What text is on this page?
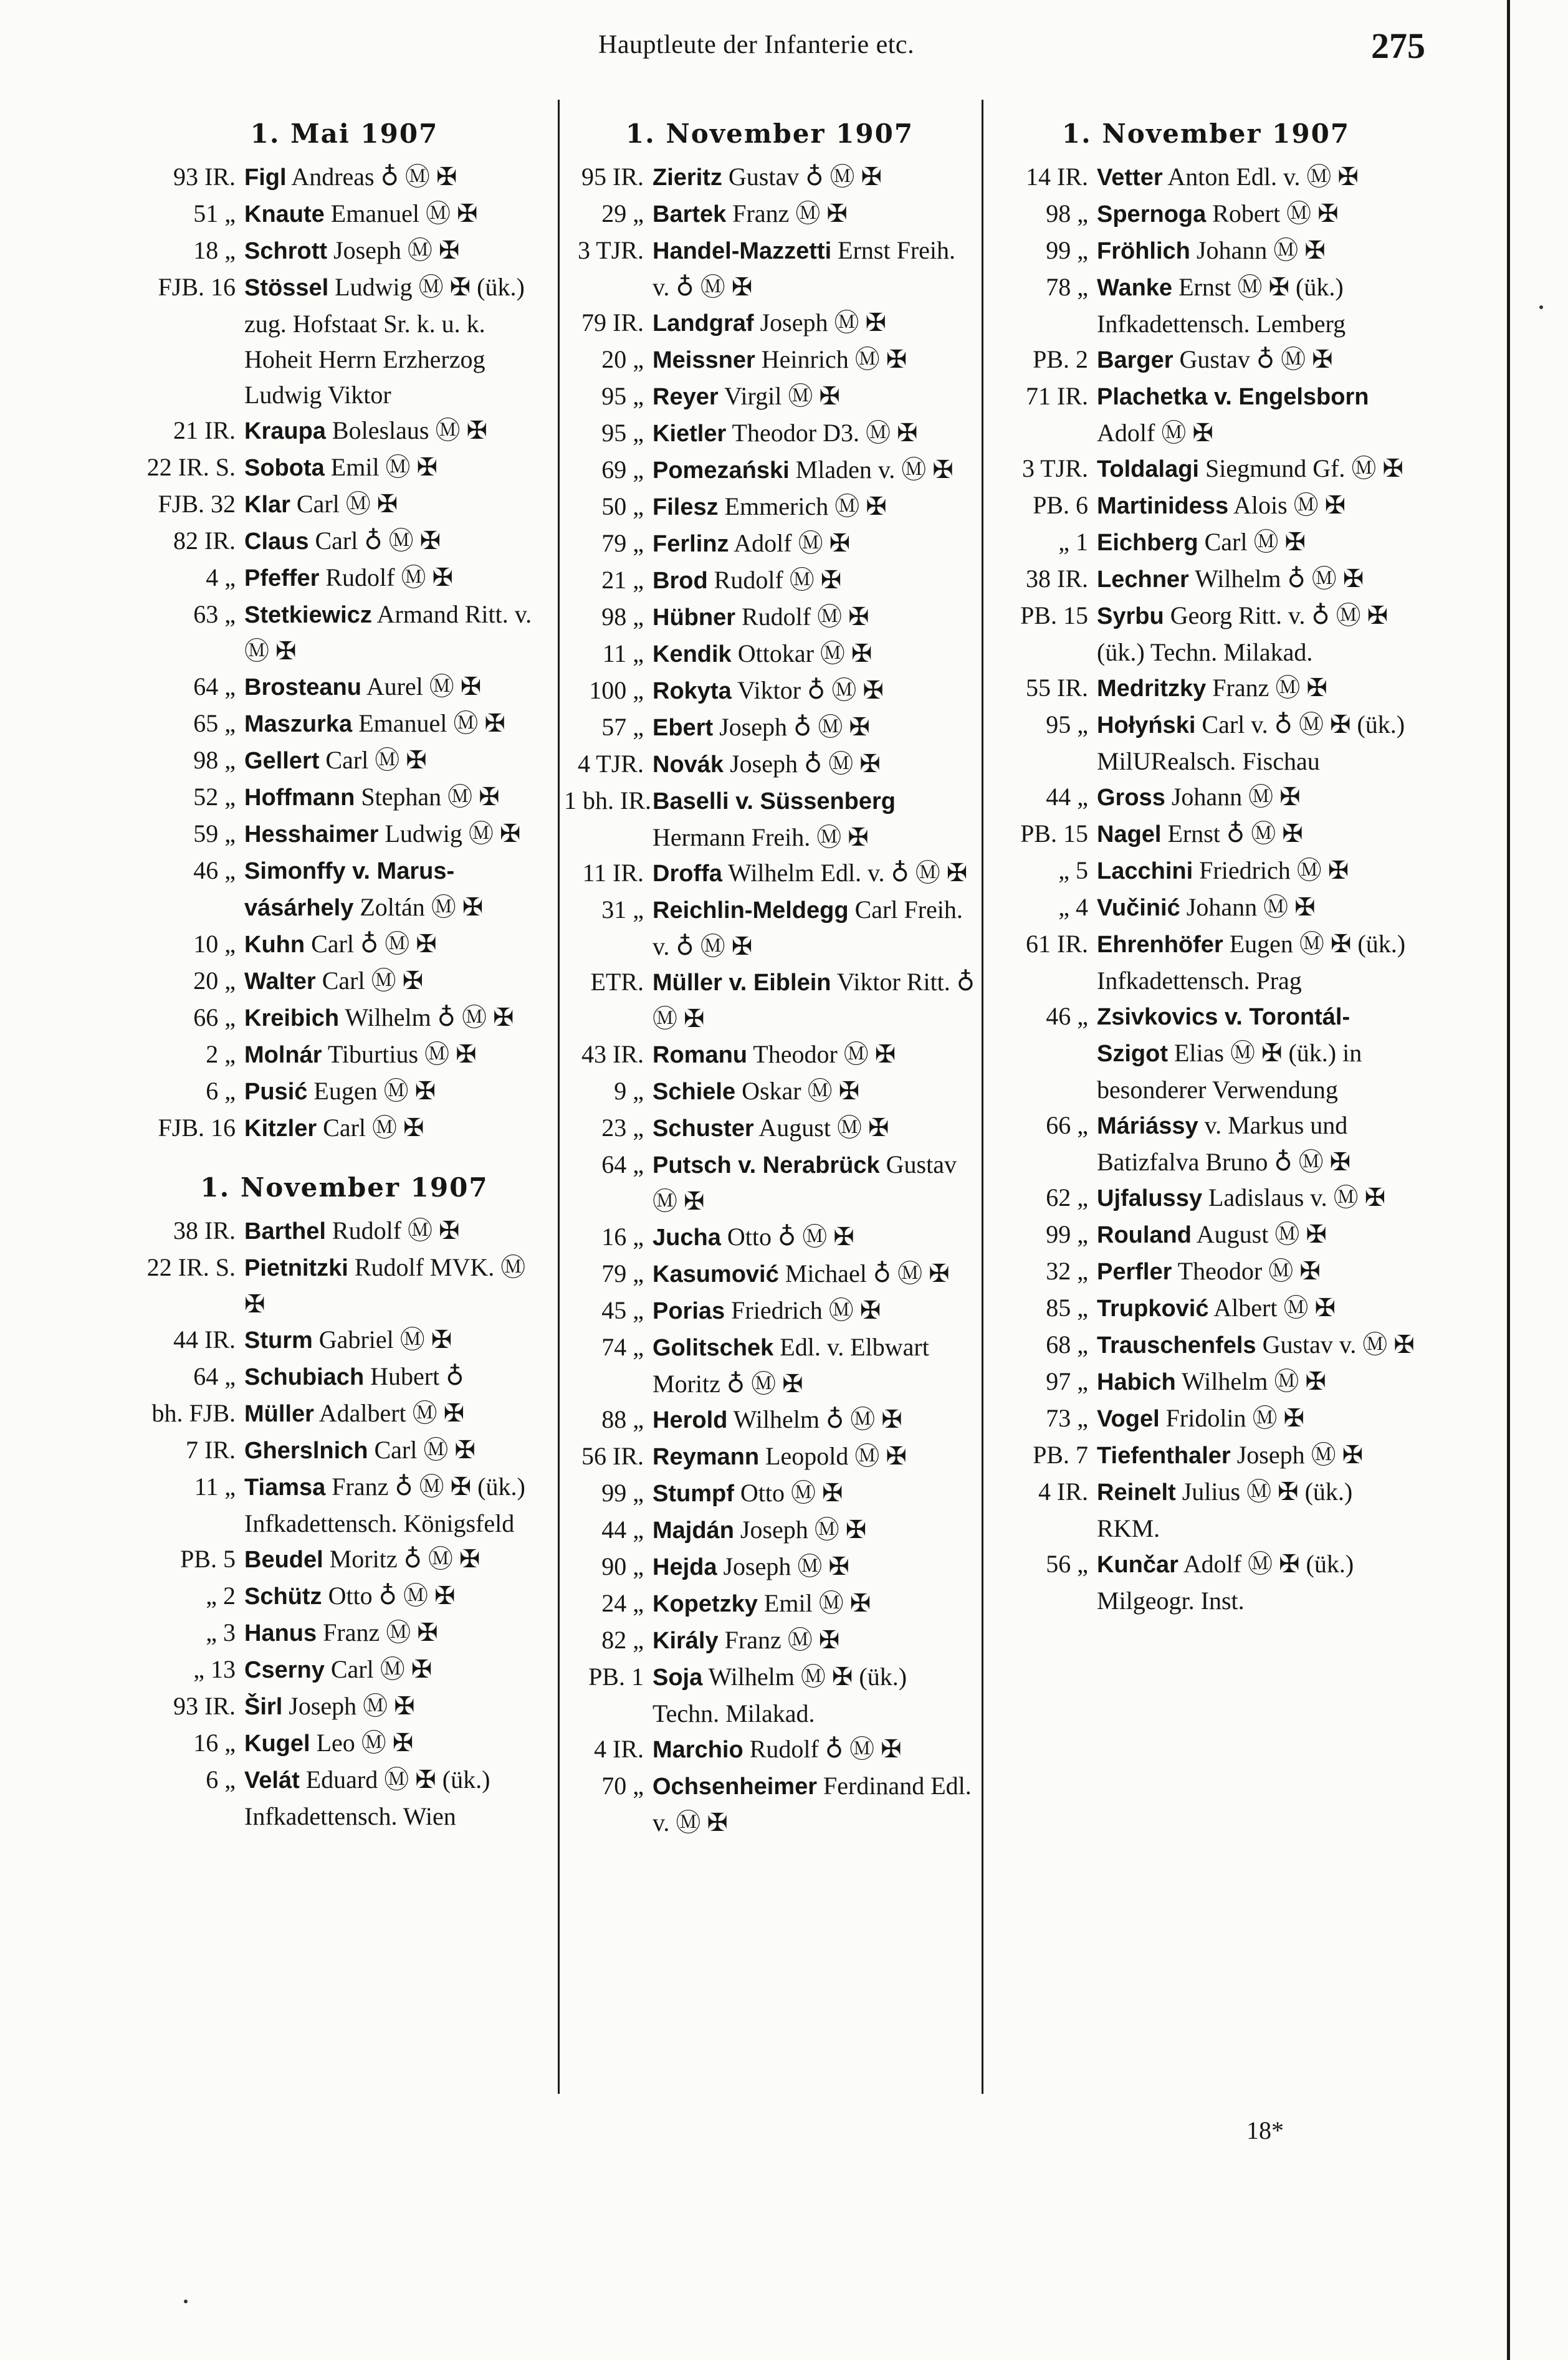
Hauptleute der Infanterie etc.	275
1. Mai 1907
93 IR. Figl Andreas ♁ Ⓜ ✠
51 „ Knaute Emanuel Ⓜ ✠
18 „ Schrott Joseph Ⓜ ✠
FJB. 16 Stössel Ludwig Ⓜ ✠ (ük.) zug. Hofstaat Sr. k. u. k. Hoheit Herrn Erzherzog Ludwig Viktor
21 IR. Kraupa Boleslaus Ⓜ ✠
22 IR. S. Sobota Emil Ⓜ ✠
FJB. 32 Klar Carl Ⓜ ✠
82 IR. Claus Carl ♁ Ⓜ ✠
4 „ Pfeffer Rudolf Ⓜ ✠
63 „ Stetkiewicz Armand Ritt. v. Ⓜ ✠
64 „ Brosteanu Aurel Ⓜ ✠
65 „ Maszurka Emanuel Ⓜ ✠
98 „ Gellert Carl Ⓜ ✠
52 „ Hoffmann Stephan Ⓜ ✠
59 „ Hesshaimer Ludwig Ⓜ ✠
46 „ Simonffy v. Marus-vásárhely Zoltán Ⓜ ✠
10 „ Kuhn Carl ♁ Ⓜ ✠
20 „ Walter Carl Ⓜ ✠
66 „ Kreibich Wilhelm ♁ Ⓜ ✠
2 „ Molnár Tiburtius Ⓜ ✠
6 „ Pusić Eugen Ⓜ ✠
FJB. 16 Kitzler Carl Ⓜ ✠
1. November 1907
38 IR. Barthel Rudolf Ⓜ ✠
22 IR. S. Pietnitzki Rudolf MVK. Ⓜ ✠
44 IR. Sturm Gabriel Ⓜ ✠
64 „ Schubiach Hubert ♁
bh. FJB. Müller Adalbert Ⓜ ✠
7 IR. Gherslnich Carl Ⓜ ✠
11 „ Tiamsa Franz ♁ Ⓜ ✠ (ük.) Infkadettensch. Königsfeld
PB. 5 Beudel Moritz ♁ Ⓜ ✠
„ 2 Schütz Otto ♁ Ⓜ ✠
„ 3 Hanus Franz Ⓜ ✠
„ 13 Cserny Carl Ⓜ ✠
93 IR. Širl Joseph Ⓜ ✠
16 „ Kugel Leo Ⓜ ✠
6 „ Velát Eduard Ⓜ ✠ (ük.) Infkadettensch. Wien
1. November 1907
95 IR. Zieritz Gustav ♁ Ⓜ ✠
29 „ Bartek Franz Ⓜ ✠
3 TJR. Handel-Mazzetti Ernst Freih. v. ♁ Ⓜ ✠
79 IR. Landgraf Joseph Ⓜ ✠
20 „ Meissner Heinrich Ⓜ ✠
95 „ Reyer Virgil Ⓜ ✠
95 „ Kietler Theodor D3. Ⓜ ✠
69 „ Pomezański Mladen v. Ⓜ ✠
50 „ Filesz Emmerich Ⓜ ✠
79 „ Ferlinz Adolf Ⓜ ✠
21 „ Brod Rudolf Ⓜ ✠
98 „ Hübner Rudolf Ⓜ ✠
11 „ Kendik Ottokar Ⓜ ✠
100 „ Rokyta Viktor ♁ Ⓜ ✠
57 „ Ebert Joseph ♁ Ⓜ ✠
4 TJR. Novák Joseph ♁ Ⓜ ✠
1 bh. IR. Baselli v. Süssenberg Hermann Freih. Ⓜ ✠
11 IR. Droffa Wilhelm Edl. v. ♁ Ⓜ ✠
31 „ Reichlin-Meldegg Carl Freih. v. ♁ Ⓜ ✠
ETR. Müller v. Eiblein Viktor Ritt. ♁ Ⓜ ✠
43 IR. Romanu Theodor Ⓜ ✠
9 „ Schiele Oskar Ⓜ ✠
23 „ Schuster August Ⓜ ✠
64 „ Putsch v. Nerabrück Gustav Ⓜ ✠
16 „ Jucha Otto ♁ Ⓜ ✠
79 „ Kasumović Michael ♁ Ⓜ ✠
45 „ Porias Friedrich Ⓜ ✠
74 „ Golitschek Edl. v. Elbwart Moritz ♁ Ⓜ ✠
88 „ Herold Wilhelm ♁ Ⓜ ✠
56 IR. Reymann Leopold Ⓜ ✠
99 „ Stumpf Otto Ⓜ ✠
44 „ Majdán Joseph Ⓜ ✠
90 „ Hejda Joseph Ⓜ ✠
24 „ Kopetzky Emil Ⓜ ✠
82 „ Király Franz Ⓜ ✠
PB. 1 Soja Wilhelm Ⓜ ✠ (ük.) Techn. Milakad.
4 IR. Marchio Rudolf ♁ Ⓜ ✠
70 „ Ochsenheimer Ferdinand Edl. v. Ⓜ ✠
1. November 1907
14 IR. Vetter Anton Edl. v. Ⓜ ✠
98 „ Spernoga Robert Ⓜ ✠
99 „ Fröhlich Johann Ⓜ ✠
78 „ Wanke Ernst Ⓜ ✠ (ük.) Infkadettensch. Lemberg
PB. 2 Barger Gustav ♁ Ⓜ ✠
71 IR. Plachetka v. Engelsborn Adolf Ⓜ ✠
3 TJR. Toldalagi Siegmund Gf. Ⓜ ✠
PB. 6 Martinidess Alois Ⓜ ✠
„ 1 Eichberg Carl Ⓜ ✠
38 IR. Lechner Wilhelm ♁ Ⓜ ✠
PB. 15 Syrbu Georg Ritt. v. ♁ Ⓜ ✠ (ük.) Techn. Milakad.
55 IR. Medritzky Franz Ⓜ ✠
95 „ Hołyński Carl v. ♁ Ⓜ ✠ (ük.) MilURealsch. Fischau
44 „ Gross Johann Ⓜ ✠
PB. 15 Nagel Ernst ♁ Ⓜ ✠
„ 5 Lacchini Friedrich Ⓜ ✠
„ 4 Vučinić Johann Ⓜ ✠
61 IR. Ehrenhöfer Eugen Ⓜ ✠ (ük.) Infkadettensch. Prag
46 „ Zsivkovics v. Torontál-Szigot Elias Ⓜ ✠ (ük.) in besonderer Verwendung
66 „ Máriássy v. Markus und Batizfalva Bruno ♁ Ⓜ ✠
62 „ Ujfalussy Ladislaus v. Ⓜ ✠
99 „ Rouland August Ⓜ ✠
32 „ Perfler Theodor Ⓜ ✠
85 „ Trupković Albert Ⓜ ✠
68 „ Trauschenfels Gustav v. Ⓜ ✠
97 „ Habich Wilhelm Ⓜ ✠
73 „ Vogel Fridolin Ⓜ ✠
PB. 7 Tiefenthaler Joseph Ⓜ ✠
4 IR. Reinelt Julius Ⓜ ✠ (ük.) RKM.
56 „ Kunčar Adolf Ⓜ ✠ (ük.) Milgeogr. Inst.
18*
